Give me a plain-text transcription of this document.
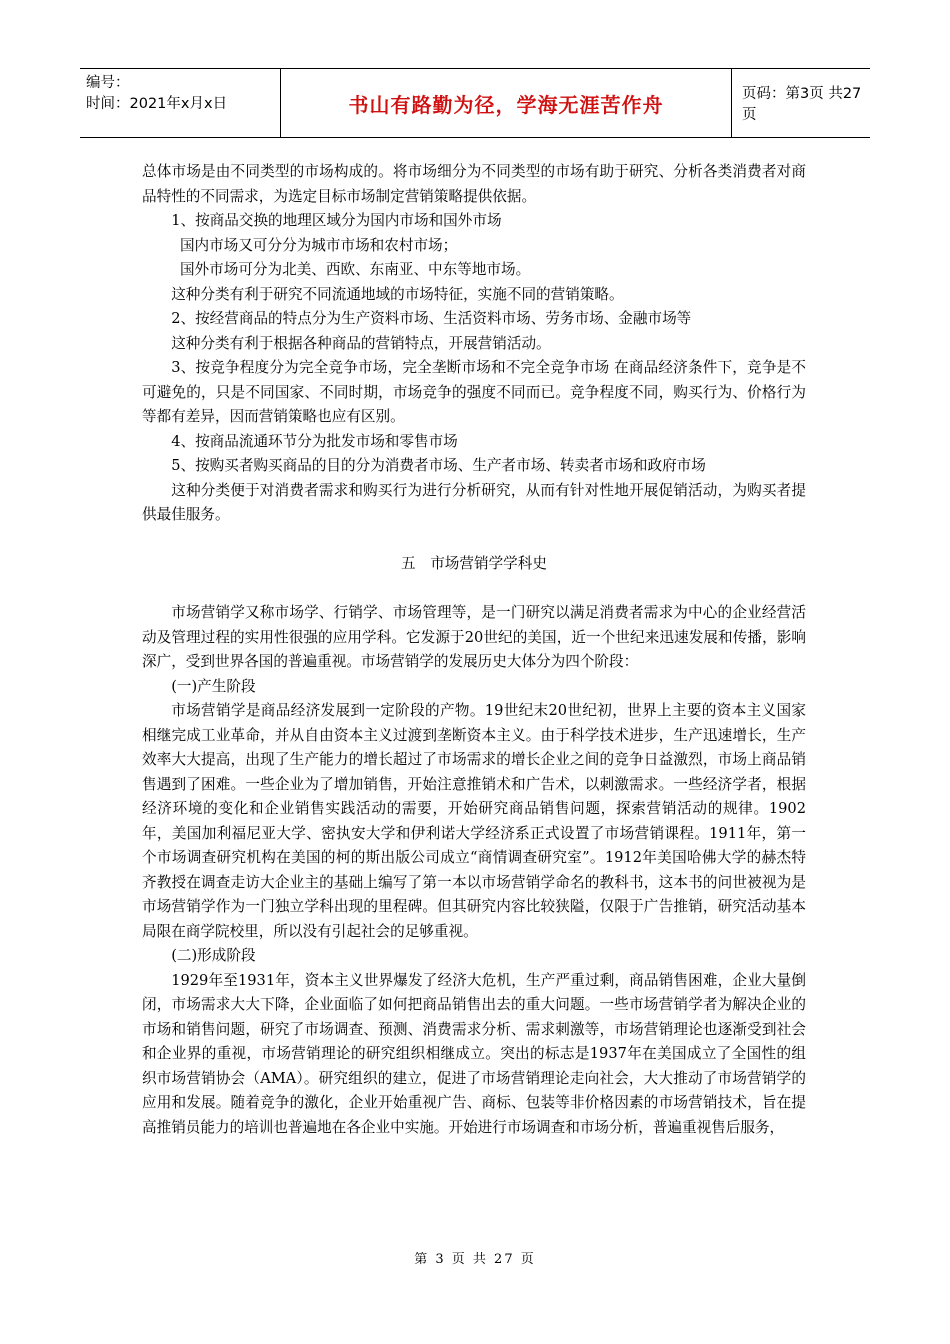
编号：
时间：2021年x月x日	书山有路勤为径，学海无涯苦作舟	页码：第3页 共27页

总体市场是由不同类型的市场构成的。将市场细分为不同类型的市场有助于研究、分析各类消费者对商品特性的不同需求，为选定目标市场制定营销策略提供依据。

1、按商品交换的地理区域分为国内市场和国外市场

国内市场又可分分为城市市场和农村市场；

国外市场可分为北美、西欧、东南亚、中东等地市场。

这种分类有利于研究不同流通地域的市场特征，实施不同的营销策略。

2、按经营商品的特点分为生产资料市场、生活资料市场、劳务市场、金融市场等

这种分类有利于根据各种商品的营销特点，开展营销活动。

3、按竞争程度分为完全竞争市场，完全垄断市场和不完全竞争市场 在商品经济条件下，竞争是不可避免的，只是不同国家、不同时期，市场竞争的强度不同而已。竞争程度不同，购买行为、价格行为等都有差异，因而营销策略也应有区别。

4、按商品流通环节分为批发市场和零售市场

5、按购买者购买商品的目的分为消费者市场、生产者市场、转卖者市场和政府市场

这种分类便于对消费者需求和购买行为进行分析研究，从而有针对性地开展促销活动，为购买者提供最佳服务。

五　市场营销学学科史

市场营销学又称市场学、行销学、市场管理等，是一门研究以满足消费者需求为中心的企业经营活动及管理过程的实用性很强的应用学科。它发源于20世纪的美国，近一个世纪来迅速发展和传播，影响深广，受到世界各国的普遍重视。市场营销学的发展历史大体分为四个阶段：

(一)产生阶段

市场营销学是商品经济发展到一定阶段的产物。19世纪末20世纪初，世界上主要的资本主义国家相继完成工业革命，并从自由资本主义过渡到垄断资本主义。由于科学技术进步，生产迅速增长，生产效率大大提高，出现了生产能力的增长超过了市场需求的增长企业之间的竞争日益激烈，市场上商品销售遇到了困难。一些企业为了增加销售，开始注意推销术和广告术，以刺激需求。一些经济学者，根据经济环境的变化和企业销售实践活动的需要，开始研究商品销售问题，探索营销活动的规律。1902年，美国加利福尼亚大学、密执安大学和伊利诺大学经济系正式设置了市场营销课程。1911年，第一个市场调查研究机构在美国的柯的斯出版公司成立“商情调查研究室”。1912年美国哈佛大学的赫杰特齐教授在调查走访大企业主的基础上编写了第一本以市场营销学命名的教科书，这本书的问世被视为是市场营销学作为一门独立学科出现的里程碑。但其研究内容比较狭隘，仅限于广告推销，研究活动基本局限在商学院校里，所以没有引起社会的足够重视。

(二)形成阶段

1929年至1931年，资本主义世界爆发了经济大危机，生产严重过剩，商品销售困难，企业大量倒闭，市场需求大大下降，企业面临了如何把商品销售出去的重大问题。一些市场营销学者为解决企业的市场和销售问题，研究了市场调查、预测、消费需求分析、需求刺激等，市场营销理论也逐渐受到社会和企业界的重视，市场营销理论的研究组织相继成立。突出的标志是1937年在美国成立了全国性的组织市场营销协会（AMA）。研究组织的建立，促进了市场营销理论走向社会，大大推动了市场营销学的应用和发展。随着竞争的激化，企业开始重视广告、商标、包装等非价格因素的市场营销技术，旨在提高推销员能力的培训也普遍地在各企业中实施。开始进行市场调查和市场分析，普遍重视售后服务，

第 3 页 共 27 页
